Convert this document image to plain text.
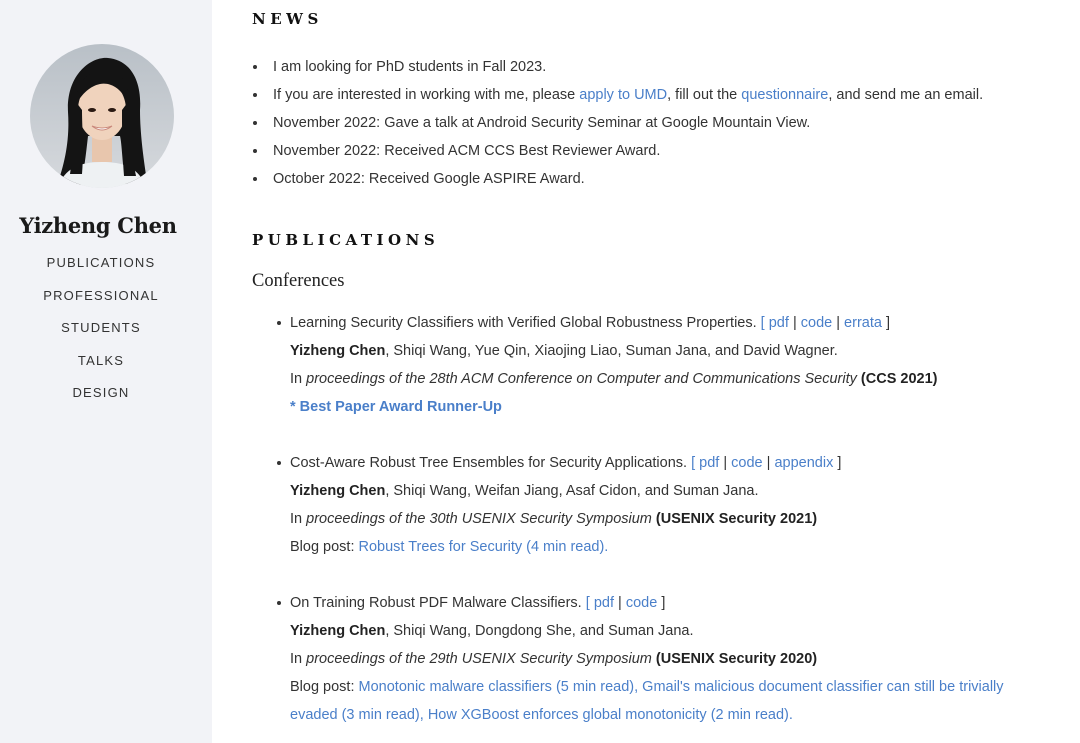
Yizheng Chen
PUBLICATIONS
PROFESSIONAL
STUDENTS
TALKS
DESIGN
NEWS
I am looking for PhD students in Fall 2023.
If you are interested in working with me, please apply to UMD, fill out the questionnaire, and send me an email.
November 2022: Gave a talk at Android Security Seminar at Google Mountain View.
November 2022: Received ACM CCS Best Reviewer Award.
October 2022: Received Google ASPIRE Award.
PUBLICATIONS
Conferences
Learning Security Classifiers with Verified Global Robustness Properties. [ pdf | code | errata ]
Yizheng Chen, Shiqi Wang, Yue Qin, Xiaojing Liao, Suman Jana, and David Wagner.
In proceedings of the 28th ACM Conference on Computer and Communications Security (CCS 2021)
* Best Paper Award Runner-Up
Cost-Aware Robust Tree Ensembles for Security Applications. [ pdf | code | appendix ]
Yizheng Chen, Shiqi Wang, Weifan Jiang, Asaf Cidon, and Suman Jana.
In proceedings of the 30th USENIX Security Symposium (USENIX Security 2021)
Blog post: Robust Trees for Security (4 min read).
On Training Robust PDF Malware Classifiers. [ pdf | code ]
Yizheng Chen, Shiqi Wang, Dongdong She, and Suman Jana.
In proceedings of the 29th USENIX Security Symposium (USENIX Security 2020)
Blog post: Monotonic malware classifiers (5 min read), Gmail's malicious document classifier can still be trivially
evaded (3 min read), How XGBoost enforces global monotonicity (2 min read).
